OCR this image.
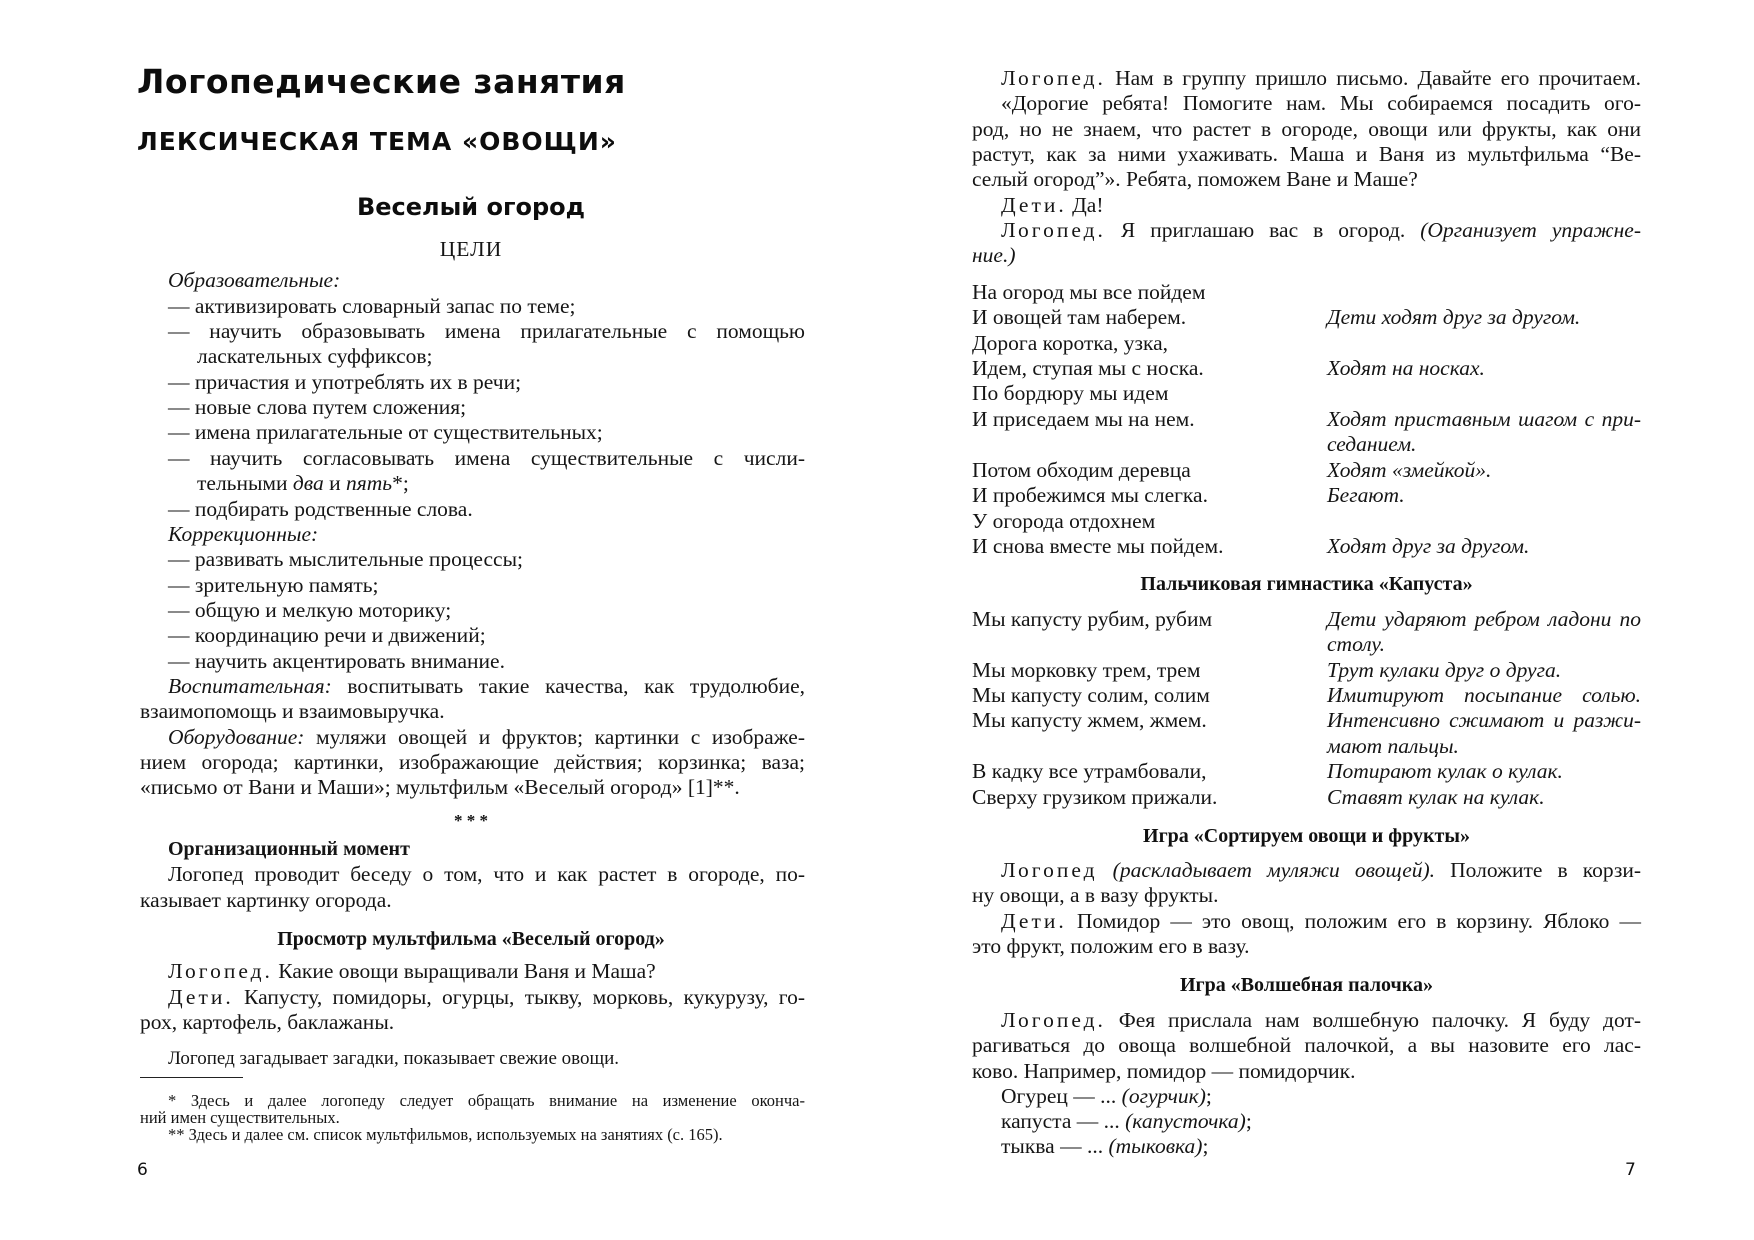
Логопедические занятия
ЛЕКСИЧЕСКАЯ ТЕМА «ОВОЩИ»
Веселый огород
ЦЕЛИ
Образовательные:
— активизировать словарный запас по теме;
— научить образовывать имена прилагательные с помощью
ласкательных суффиксов;
— причастия и употреблять их в речи;
— новые слова путем сложения;
— имена прилагательные от существительных;
— научить согласовывать имена существительные с числи-
тельными два и пять*;
— подбирать родственные слова.
Коррекционные:
— развивать мыслительные процессы;
— зрительную память;
— общую и мелкую моторику;
— координацию речи и движений;
— научить акцентировать внимание.
Воспитательная: воспитывать такие качества, как трудолюбие,
взаимопомощь и взаимовыручка.
Оборудование: муляжи овощей и фруктов; картинки с изображе-
нием огорода; картинки, изображающие действия; корзинка; ваза;
«письмо от Вани и Маши»; мультфильм «Веселый огород» [1]**.
* * *
Организационный момент
Логопед проводит беседу о том, что и как растет в огороде, по-
казывает картинку огорода.
Просмотр мультфильма «Веселый огород»
Логопед. Какие овощи выращивали Ваня и Маша?
Дети. Капусту, помидоры, огурцы, тыкву, морковь, кукурузу, го-
рох, картофель, баклажаны.
Логопед загадывает загадки, показывает свежие овощи.
* Здесь и далее логопеду следует обращать внимание на изменение оконча-
ний имен существительных.
** Здесь и далее см. список мультфильмов, используемых на занятиях (с. 165).
6
Логопед. Нам в группу пришло письмо. Давайте его прочитаем.
«Дорогие ребята! Помогите нам. Мы собираемся посадить ого-
род, но не знаем, что растет в огороде, овощи или фрукты, как они
растут, как за ними ухаживать. Маша и Ваня из мультфильма “Ве-
селый огород”». Ребята, поможем Ване и Маше?
Дети. Да!
Логопед. Я приглашаю вас в огород. (Организует упражне-
ние.)
На огород мы все пойдем
И овощей там наберем.	Дети ходят друг за другом.
Дорога коротка, узка,
Идем, ступая мы с носка.	Ходят на носках.
По бордюру мы идем
И приседаем мы на нем.	Ходят приставным шагом с при-
седанием.
Потом обходим деревца	Ходят «змейкой».
И пробежимся мы слегка.	Бегают.
У огорода отдохнем
И снова вместе мы пойдем.	Ходят друг за другом.
Пальчиковая гимнастика «Капуста»
Мы капусту рубим, рубим	Дети ударяют ребром ладони по
столу.
Мы морковку трем, трем	Трут кулаки друг о друга.
Мы капусту солим, солим	Имитируют посыпание солью.
Мы капусту жмем, жмем.	Интенсивно сжимают и разжи-
мают пальцы.
В кадку все утрамбовали,	Потирают кулак о кулак.
Сверху грузиком прижали.	Ставят кулак на кулак.
Игра «Сортируем овощи и фрукты»
Логопед (раскладывает муляжи овощей). Положите в корзи-
ну овощи, а в вазу фрукты.
Дети. Помидор — это овощ, положим его в корзину. Яблоко —
это фрукт, положим его в вазу.
Игра «Волшебная палочка»
Логопед. Фея прислала нам волшебную палочку. Я буду дот-
рагиваться до овоща волшебной палочкой, а вы назовите его лас-
ково. Например, помидор — помидорчик.
Огурец — ... (огурчик);
капуста — ... (капусточка);
тыква — ... (тыковка);
7
